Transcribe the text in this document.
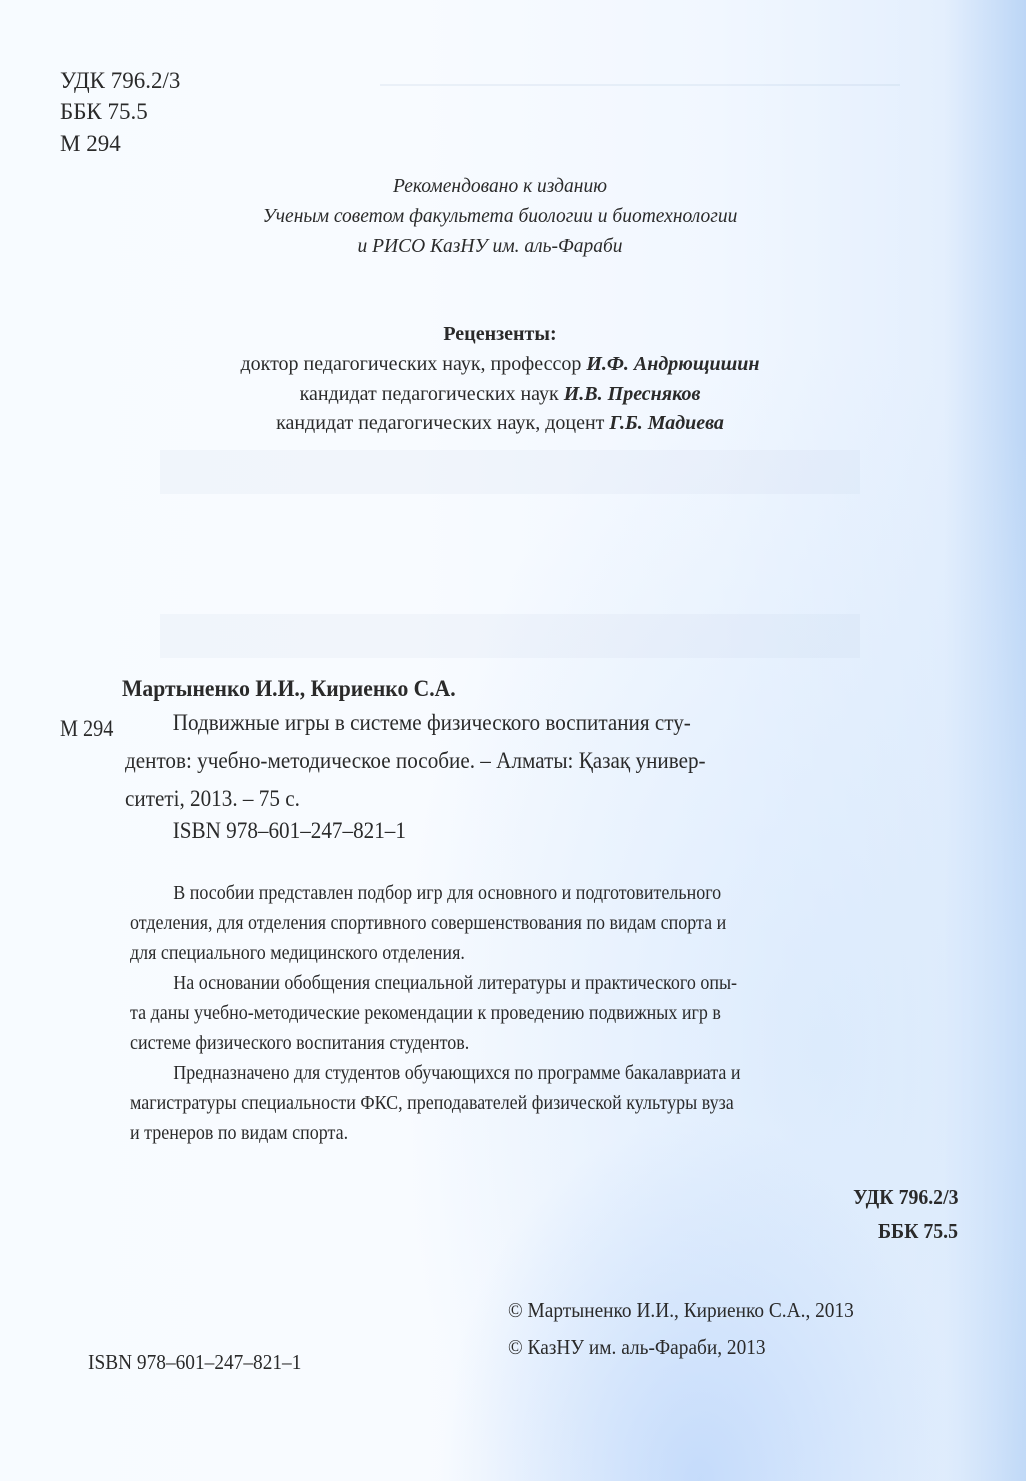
УДК 796.2/3
ББК 75.5
М 294
Рекомендовано к изданию
Ученым советом факультета биологии и биотехнологии
и РИСО КазНУ им. аль-Фараби
Рецензенты:
доктор педагогических наук, профессор И.Ф. Андрющишин
кандидат педагогических наук И.В. Пресняков
кандидат педагогических наук, доцент Г.Б. Мадиева
Мартыненко И.И., Кириенко С.А.
М 294	Подвижные игры в системе физического воспитания сту-
дентов: учебно-методическое пособие. – Алматы: Қазақ универ-
ситеті, 2013. – 75 с.
ISBN 978–601–247–821–1
В пособии представлен подбор игр для основного и подготовительного
отделения, для отделения спортивного совершенствования по видам спорта и
для специального медицинского отделения.
На основании обобщения специальной литературы и практического опы-
та даны учебно-методические рекомендации к проведению подвижных игр в
системе физического воспитания студентов.
Предназначено для студентов обучающихся по программе бакалавриата и
магистратуры специальности ФКС, преподавателей физической культуры вуза
и тренеров по видам спорта.
УДК 796.2/3
ББК 75.5
© Мартыненко И.И., Кириенко С.А., 2013
© КазНУ им. аль-Фараби, 2013
ISBN 978–601–247–821–1
